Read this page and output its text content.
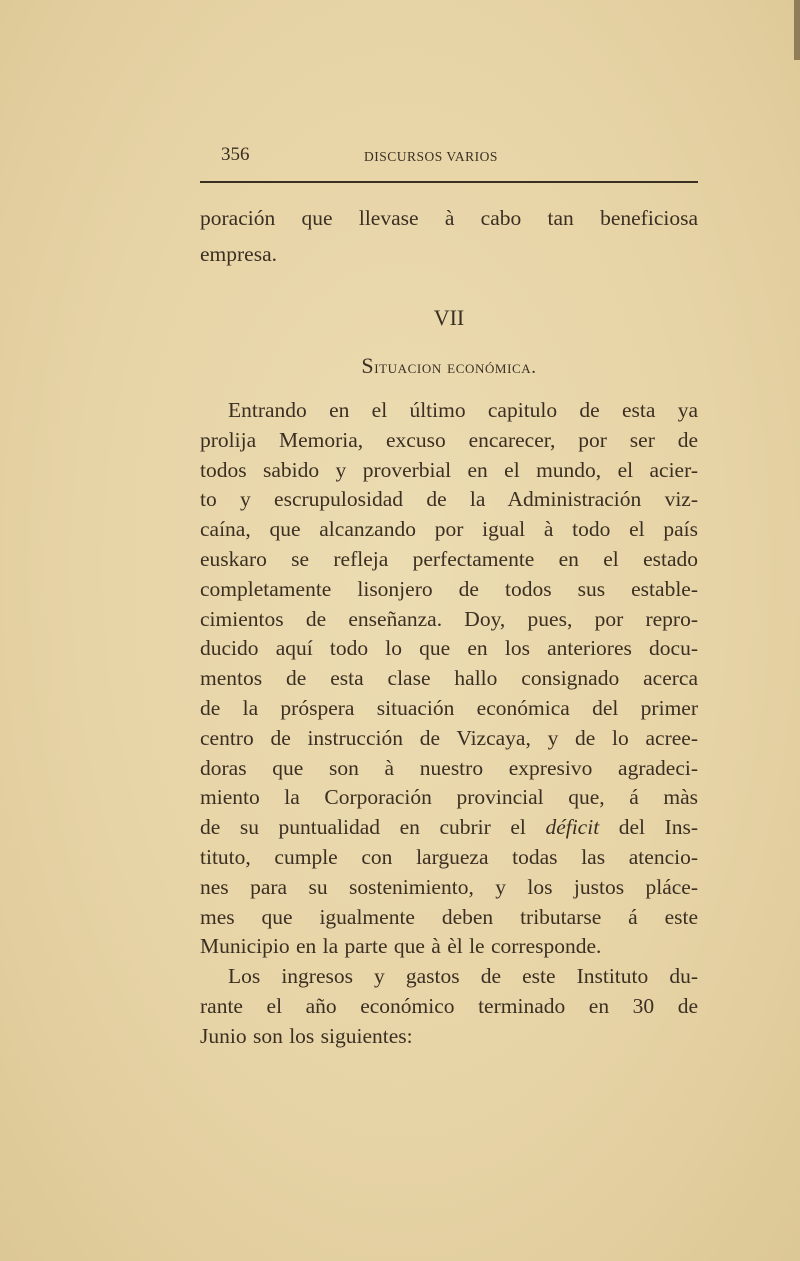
356	DISCURSOS VARIOS
poración que llevase à cabo tan beneficiosa
empresa.
VII
Situacion económica.
Entrando en el último capitulo de esta ya
prolija Memoria, excuso encarecer, por ser de
todos sabido y proverbial en el mundo, el acier-
to y escrupulosidad de la Administración viz-
caína, que alcanzando por igual à todo el país
euskaro se refleja perfectamente en el estado
completamente lisonjero de todos sus estable-
cimientos de enseñanza. Doy, pues, por repro-
ducido aquí todo lo que en los anteriores docu-
mentos de esta clase hallo consignado acerca
de la próspera situación económica del primer
centro de instrucción de Vizcaya, y de lo acree-
doras que son à nuestro expresivo agradeci-
miento la Corporación provincial que, á màs
de su puntualidad en cubrir el déficit del Ins-
tituto, cumple con largueza todas las atencio-
nes para su sostenimiento, y los justos pláce-
mes que igualmente deben tributarse á este
Municipio en la parte que à èl le corresponde.
Los ingresos y gastos de este Instituto du-
rante el año económico terminado en 30 de
Junio son los siguientes:
